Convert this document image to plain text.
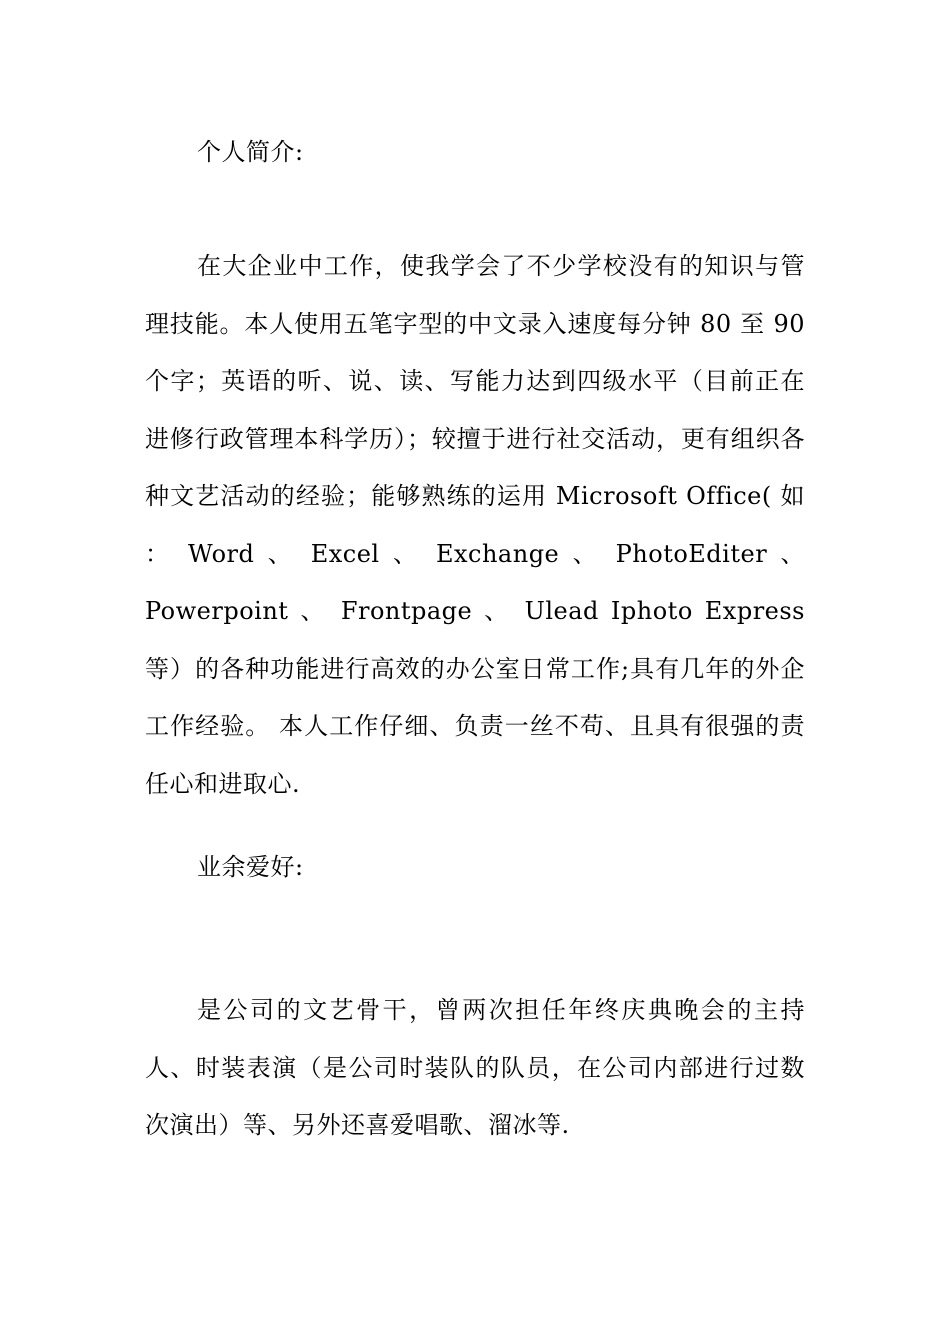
个人简介:

在大企业中工作，使我学会了不少学校没有的知识与管理技能。本人使用五笔字型的中文录入速度每分钟 80 至 90 个字；英语的听、说、读、写能力达到四级水平（目前正在进修行政管理本科学历）；较擅于进行社交活动，更有组织各种文艺活动的经验；能够熟练的运用 Microsoft Office( 如 ： Word 、 Excel 、 Exchange 、 PhotoEditer 、 Powerpoint 、 Frontpage 、 Ulead Iphoto Express 等）的各种功能进行高效的办公室日常工作;具有几年的外企工作经验。 本人工作仔细、负责一丝不苟、且具有很强的责任心和进取心.

业余爱好:

是公司的文艺骨干，曾两次担任年终庆典晚会的主持人、时装表演（是公司时装队的队员，在公司内部进行过数次演出）等、另外还喜爱唱歌、溜冰等.
